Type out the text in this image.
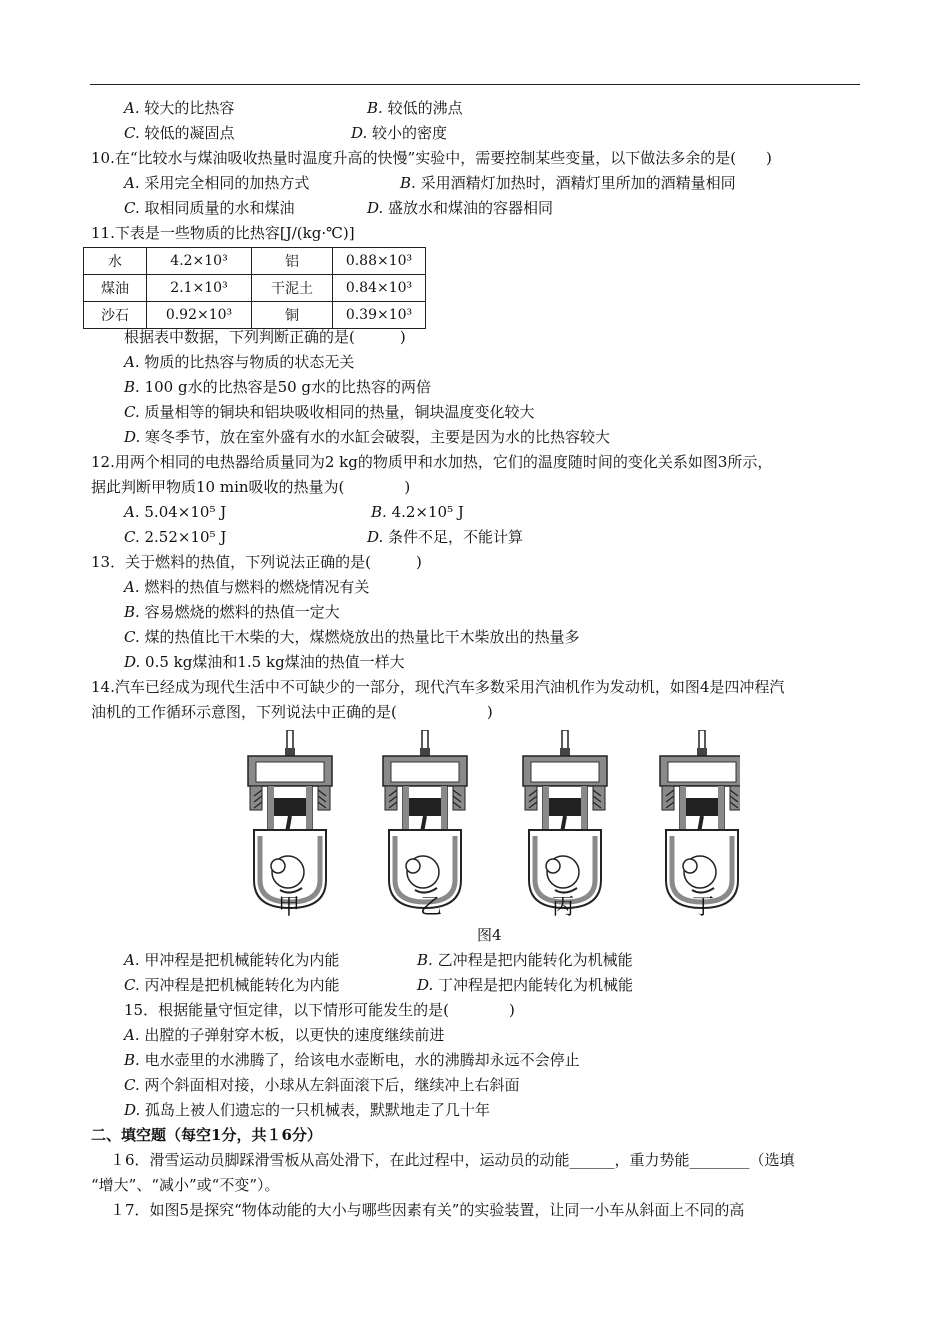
A. 较大的比热容	B. 较低的沸点
C. 较低的凝固点	D. 较小的密度
10.在“比较水与煤油吸收热量时温度升高的快慢”实验中，需要控制某些变量，以下做法多余的是(　　)
A. 采用完全相同的加热方式	B. 采用酒精灯加热时，酒精灯里所加的酒精量相同
C. 取相同质量的水和煤油	D. 盛放水和煤油的容器相同
11.下表是一些物质的比热容[J/(kg·℃)]
水	4.2×10³	铝	0.88×10³
煤油	2.1×10³	干泥土	0.84×10³
沙石	0.92×10³	铜	0.39×10³
根据表中数据，下列判断正确的是(　　　)
A. 物质的比热容与物质的状态无关
B. 100 g水的比热容是50 g水的比热容的两倍
C. 质量相等的铜块和铝块吸收相同的热量，铜块温度变化较大
D. 寒冬季节，放在室外盛有水的水缸会破裂，主要是因为水的比热容较大
12.用两个相同的电热器给质量同为2 kg的物质甲和水加热，它们的温度随时间的变化关系如图3所示，
据此判断甲物质10 min吸收的热量为(　　　　)
A. 5.04×10⁵ J	B. 4.2×10⁵ J
C. 2.52×10⁵ J	D. 条件不足，不能计算
13．关于燃料的热值，下列说法正确的是(　　　)
A. 燃料的热值与燃料的燃烧情况有关
B. 容易燃烧的燃料的热值一定大
C. 煤的热值比干木柴的大，煤燃烧放出的热量比干木柴放出的热量多
D. 0.5 kg煤油和1.5 kg煤油的热值一样大
14.汽车已经成为现代生活中不可缺少的一部分，现代汽车多数采用汽油机作为发动机，如图4是四冲程汽
油机的工作循环示意图，下列说法中正确的是(　　　　　　)
甲	乙	丙	丁
图4
A. 甲冲程是把机械能转化为内能	B. 乙冲程是把内能转化为机械能
C. 丙冲程是把机械能转化为内能	D. 丁冲程是把内能转化为机械能
15．根据能量守恒定律，以下情形可能发生的是(　　　　)
A. 出膛的子弹射穿木板，以更快的速度继续前进
B. 电水壶里的水沸腾了，给该电水壶断电，水的沸腾却永远不会停止
C. 两个斜面相对接，小球从左斜面滚下后，继续冲上右斜面
D. 孤岛上被人们遗忘的一只机械表，默默地走了几十年
二、填空题（每空1分，共１6分）
１6．滑雪运动员脚踩滑雪板从高处滑下，在此过程中，运动员的动能______，重力势能________（选填
“增大”、“减小”或“不变”）。
１7．如图5是探究“物体动能的大小与哪些因素有关”的实验装置，让同一小车从斜面上不同的高
